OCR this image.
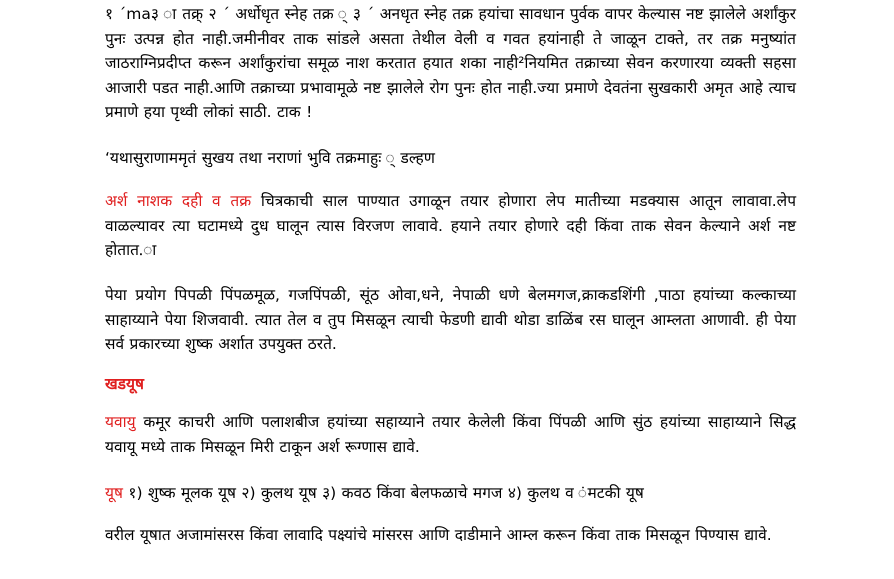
१ ´ma३ ा तक्र् २ ´ अर्धोधृत स्नेह तक्र ् ३ ´ अनधृत स्नेह तक्र हयांचा सावधान पुर्वक वापर केल्यास नष्ट झालेले अर्शांकुर पुनः उत्पन्न होत नाही.जमीनीवर ताक सांडले असता तेथील वेली व गवत हयांनाही ते जाळून टाक्ते, तर तक्र मनुष्यांत जाठराग्निप्रदीप्त करून अर्शांकुरांचा समूळ नाश करतात हयात शका नाही²नियमित तक्राच्या सेवन करणारया व्यक्ती सहसा आजारी पडत नाही.आणि तक्राच्या प्रभावामूळे नष्ट झालेले रोग पुनः होत नाही.ज्या प्रमाणे देवतंना सुखकारी अमृत आहे त्याच प्रमाणे हया पृथ्वी लोकां साठी. टाक !

‘यथासुराणाममृतं सुखय तथा नराणां भुवि तक्रमाहुः ् डल्हण

अर्श नाशक दही व तक्र चित्रकाची साल पाण्यात उगाळून तयार होणारा लेप मातीच्या मडक्यास आतून लावावा.लेप वाळल्यावर त्या घटामध्ये दुध घालून त्यास विरजण लावावे. हयाने तयार होणारे दही किंवा ताक सेवन केल्याने अर्श नष्ट होतात.ा

पेया प्रयोग पिपळी पिंपळमूळ, गजपिंपळी, सूंठ ओवा,धने, नेपाळी धणे बेलमगज,क्राकडशिंगी ,पाठा हयांच्या कल्काच्या साहाय्याने पेया शिजवावी. त्यात तेल व तुप मिसळून त्याची फेडणी द्यावी थोडा डाळिंब रस घालून आम्लता आणावी. ही पेया सर्व प्रकारच्या शुष्क अर्शात उपयुक्त ठरते.

खडयूष

यवायु कमूर काचरी आणि पलाशबीज हयांच्या सहाय्याने तयार केलेली किंवा पिंपळी आणि सुंठ हयांच्या साहाय्याने सिद्ध यवायू मध्ये ताक मिसळून मिरी टाकून अर्श रूग्णास द्यावे.

यूष १) शुष्क मूलक यूष २) कुलथ यूष ३) कवठ किंवा बेलफळाचे मगज ४) कुलथ व ंमटकी यूष

वरील यूषात अजामांसरस किंवा लावादि पक्ष्यांचे मांसरस आणि दाडीमाने आम्ल करून किंवा ताक मिसळून पिण्यास द्यावे.
